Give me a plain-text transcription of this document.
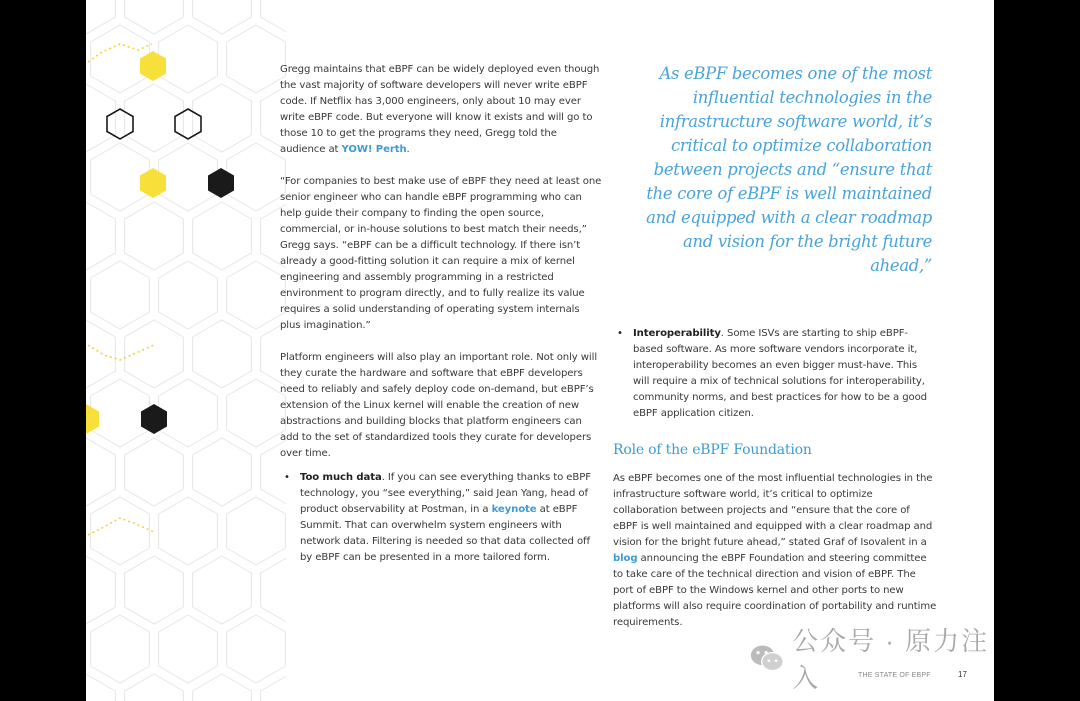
Gregg maintains that eBPF can be widely deployed even though the vast majority of software developers will never write eBPF code. If Netflix has 3,000 engineers, only about 10 may ever write eBPF code. But everyone will know it exists and will go to those 10 to get the programs they need, Gregg told the audience at YOW! Perth.

“For companies to best make use of eBPF they need at least one senior engineer who can handle eBPF programming who can help guide their company to finding the open source, commercial, or in-house solutions to best match their needs,” Gregg says. “eBPF can be a difficult technology. If there isn’t already a good-fitting solution it can require a mix of kernel engineering and assembly programming in a restricted environment to program directly, and to fully realize its value requires a solid understanding of operating system internals plus imagination.”

Platform engineers will also play an important role. Not only will they curate the hardware and software that eBPF developers need to reliably and safely deploy code on-demand, but eBPF’s extension of the Linux kernel will enable the creation of new abstractions and building blocks that platform engineers can add to the set of standardized tools they curate for developers over time.

• Too much data. If you can see everything thanks to eBPF technology, you “see everything,” said Jean Yang, head of product observability at Postman, in a keynote at eBPF Summit. That can overwhelm system engineers with network data. Filtering is needed so that data collected off by eBPF can be presented in a more tailored form.
As eBPF becomes one of the most influential technologies in the infrastructure software world, it’s critical to optimize collaboration between projects and “ensure that the core of eBPF is well maintained and equipped with a clear roadmap and vision for the bright future ahead,”
• Interoperability. Some ISVs are starting to ship eBPF-based software. As more software vendors incorporate it, interoperability becomes an even bigger must-have. This will require a mix of technical solutions for interoperability, community norms, and best practices for how to be a good eBPF application citizen.
Role of the eBPF Foundation

As eBPF becomes one of the most influential technologies in the infrastructure software world, it’s critical to optimize collaboration between projects and “ensure that the core of eBPF is well maintained and equipped with a clear roadmap and vision for the bright future ahead,” stated Graf of Isovalent in a blog announcing the eBPF Foundation and steering committee to take care of the technical direction and vision of eBPF. The port of eBPF to the Windows kernel and other ports to new platforms will also require coordination of portability and runtime requirements.

公众号 · 原力注入	THE STATE OF EBPF	17
